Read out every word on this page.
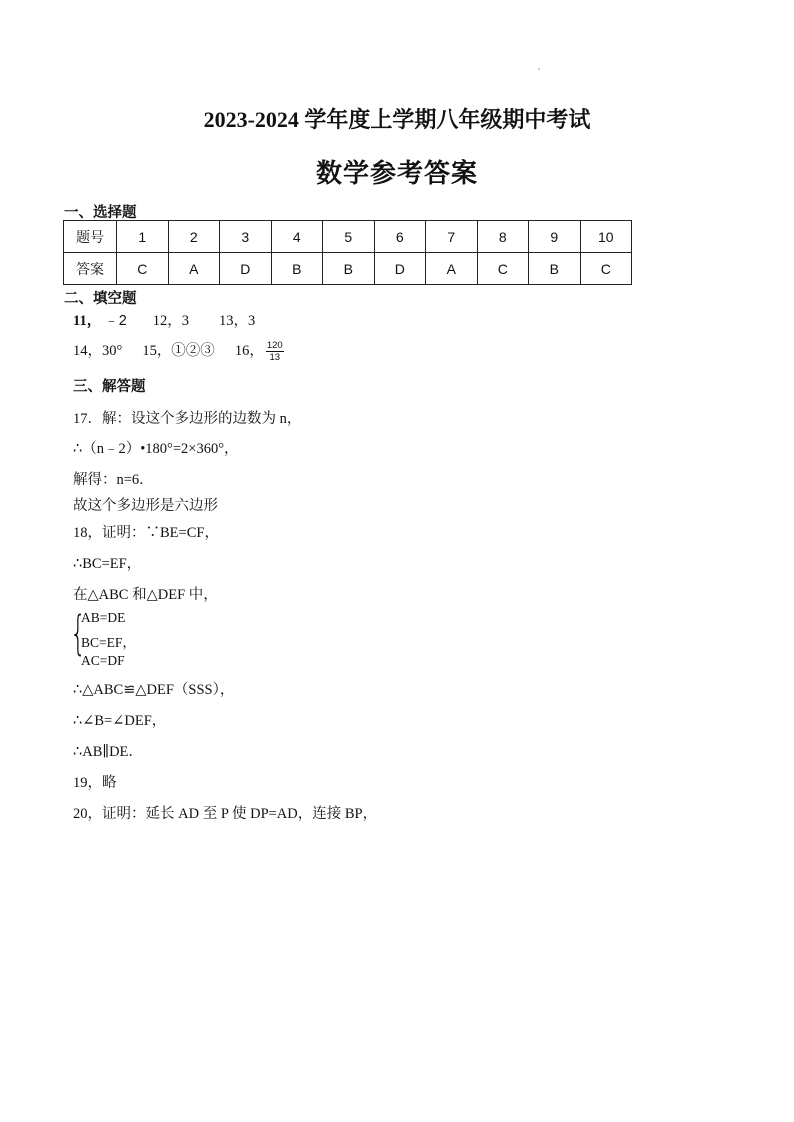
2023-2024 学年度上学期八年级期中考试
数学参考答案
一、选择题
题号	1	2	3	4	5	6	7	8	9	10
答案	C	A	D	B	B	D	A	C	B	C
二、填空题
11， ﹣2 12，3 13，3
14，30° 15，①②③ 16， $\frac{120}{13}$
三、解答题
17．解：设这个多边形的边数为 n，
∴（n﹣2）•180°=2×360°，
解得：n=6．
故这个多边形是六边形
18，证明：∵BE=CF，
∴BC=EF，
在△ABC 和△DEF 中，
{
AB=DE
BC=EF，
AC=DF
∴△ABC≌△DEF（SSS），
∴∠B=∠DEF，
∴AB∥DE．
19，略
20，证明：延长 AD 至 P 使 DP=AD，连接 BP，
